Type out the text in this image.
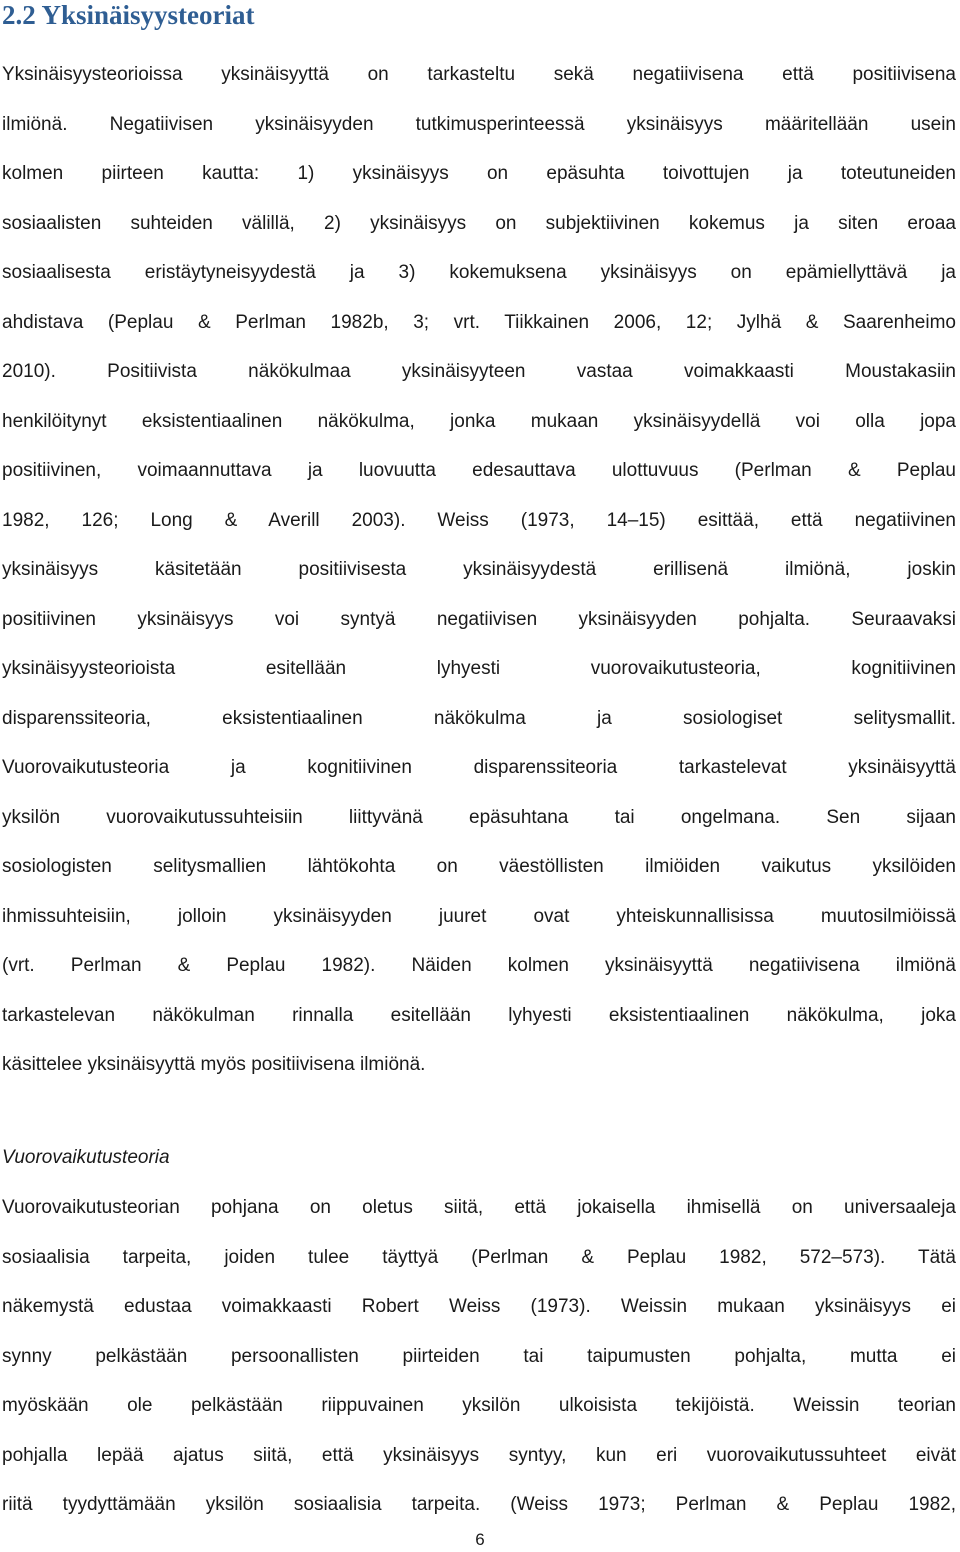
2.2 Yksinäisyysteoriat
Yksinäisyysteorioissa yksinäisyyttä on tarkasteltu sekä negatiivisena että positiivisena
ilmiönä. Negatiivisen yksinäisyyden tutkimusperinteessä yksinäisyys määritellään usein
kolmen piirteen kautta: 1) yksinäisyys on epäsuhta toivottujen ja toteutuneiden
sosiaalisten suhteiden välillä, 2) yksinäisyys on subjektiivinen kokemus ja siten eroaa
sosiaalisesta eristäytyneisyydestä ja 3) kokemuksena yksinäisyys on epämiellyttävä ja
ahdistava (Peplau & Perlman 1982b, 3; vrt. Tiikkainen 2006, 12; Jylhä & Saarenheimo
2010). Positiivista näkökulmaa yksinäisyyteen vastaa voimakkaasti Moustakasiin
henkilöitynyt eksistentiaalinen näkökulma, jonka mukaan yksinäisyydellä voi olla jopa
positiivinen, voimaannuttava ja luovuutta edesauttava ulottuvuus (Perlman & Peplau
1982, 126; Long & Averill 2003). Weiss (1973, 14–15) esittää, että negatiivinen
yksinäisyys käsitetään positiivisesta yksinäisyydestä erillisenä ilmiönä, joskin
positiivinen yksinäisyys voi syntyä negatiivisen yksinäisyyden pohjalta. Seuraavaksi
yksinäisyysteorioista esitellään lyhyesti vuorovaikutusteoria, kognitiivinen
disparenssiteoria, eksistentiaalinen näkökulma ja sosiologiset selitysmallit.
Vuorovaikutusteoria ja kognitiivinen disparenssiteoria tarkastelevat yksinäisyyttä
yksilön vuorovaikutussuhteisiin liittyvänä epäsuhtana tai ongelmana. Sen sijaan
sosiologisten selitysmallien lähtökohta on väestöllisten ilmiöiden vaikutus yksilöiden
ihmissuhteisiin, jolloin yksinäisyyden juuret ovat yhteiskunnallisissa muutosilmiöissä
(vrt. Perlman & Peplau 1982). Näiden kolmen yksinäisyyttä negatiivisena ilmiönä
tarkastelevan näkökulman rinnalla esitellään lyhyesti eksistentiaalinen näkökulma, joka
käsittelee yksinäisyyttä myös positiivisena ilmiönä.
Vuorovaikutusteoria
Vuorovaikutusteorian pohjana on oletus siitä, että jokaisella ihmisellä on universaaleja
sosiaalisia tarpeita, joiden tulee täyttyä (Perlman & Peplau 1982, 572–573). Tätä
näkemystä edustaa voimakkaasti Robert Weiss (1973). Weissin mukaan yksinäisyys ei
synny pelkästään persoonallisten piirteiden tai taipumusten pohjalta, mutta ei
myöskään ole pelkästään riippuvainen yksilön ulkoisista tekijöistä. Weissin teorian
pohjalla lepää ajatus siitä, että yksinäisyys syntyy, kun eri vuorovaikutussuhteet eivät
riitä tyydyttämään yksilön sosiaalisia tarpeita. (Weiss 1973; Perlman & Peplau 1982,
6
